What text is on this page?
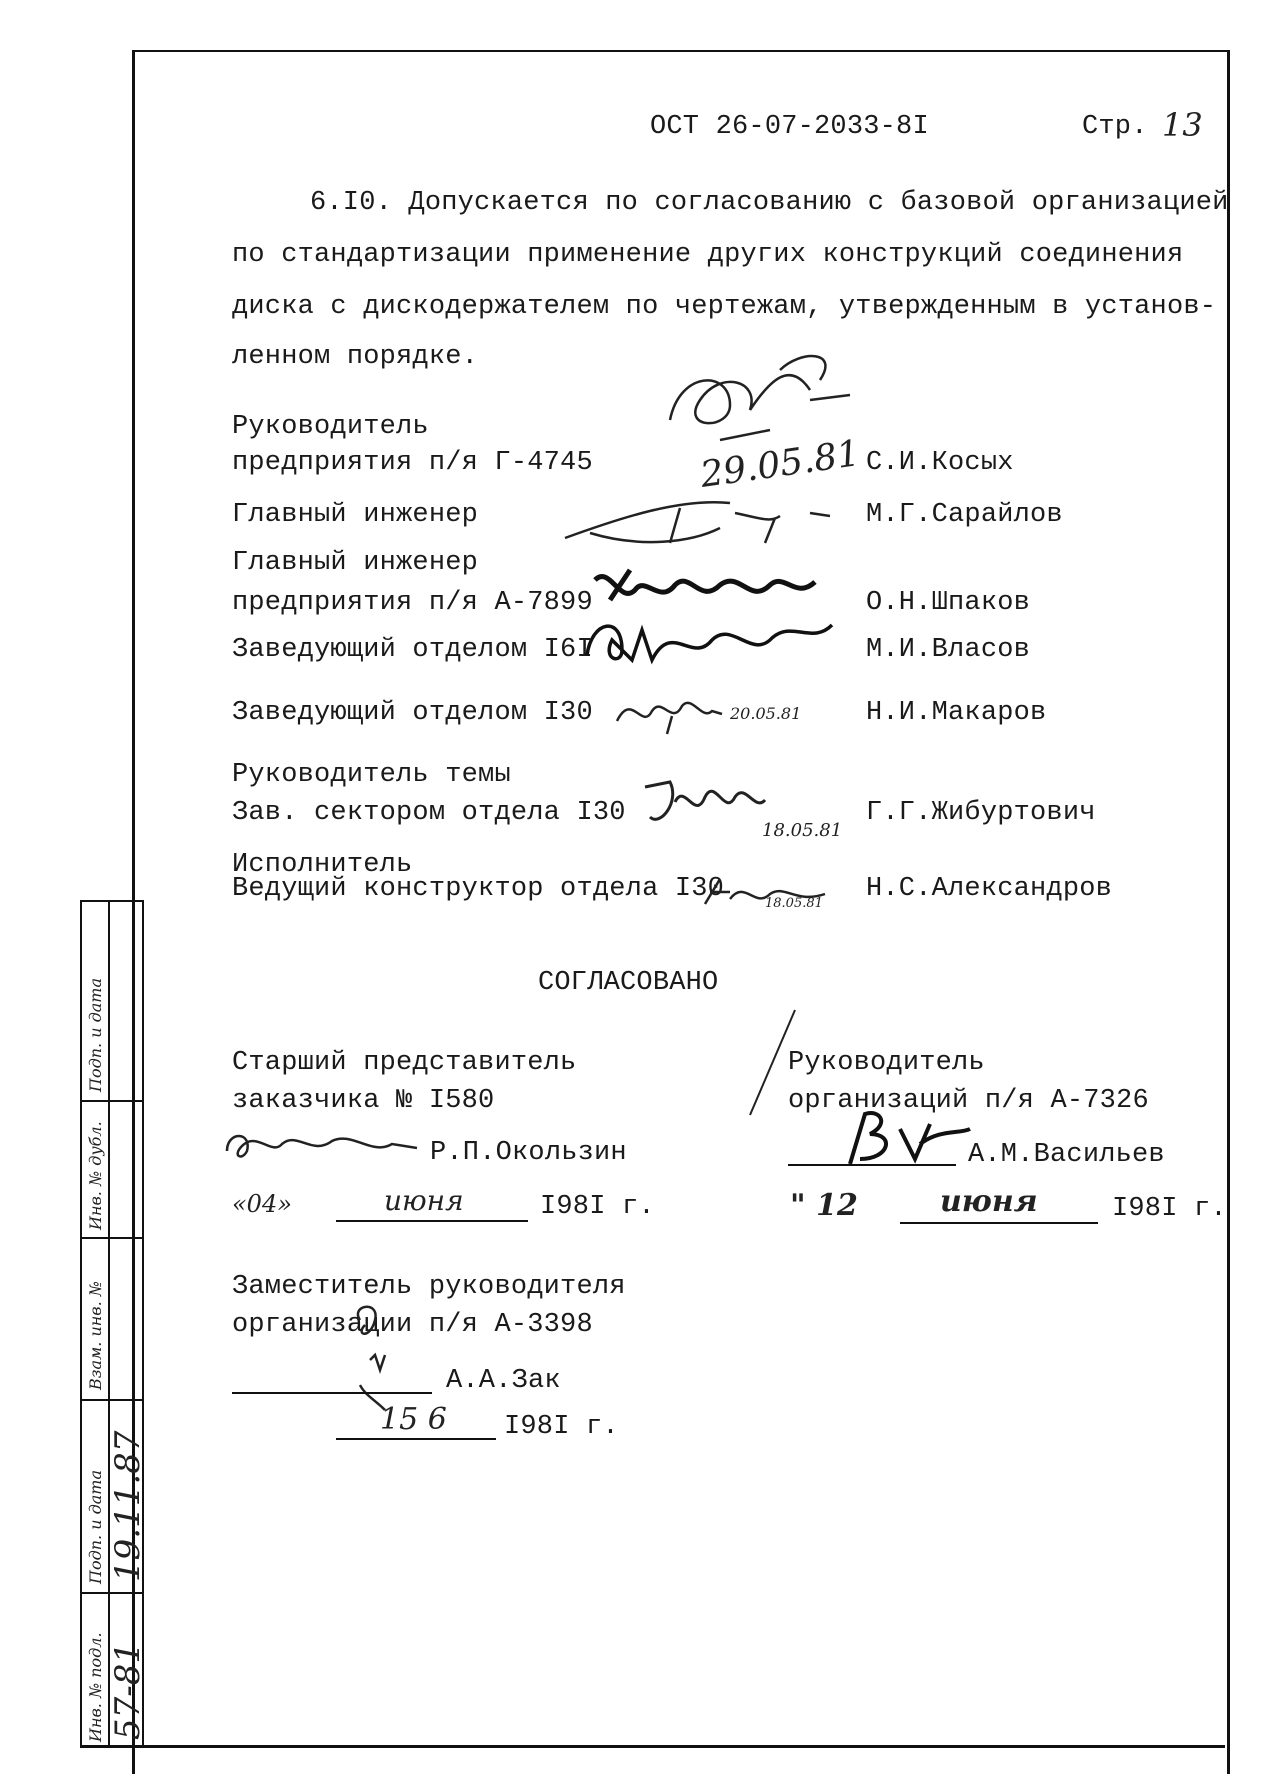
ОСТ 26-07-2033-8I	Стр. 13
6.I0. Допускается по согласованию с базовой организацией
по стандартизации применение других конструкций соединения
диска с дискодержателем по чертежам, утвержденным в установ-
ленном порядке.
Руководитель
предприятия п/я Г-4745	С.И.Косых
29.05.81
Главный инженер	М.Г.Сарайлов
Главный инженер
предприятия п/я А-7899	О.Н.Шпаков
Заведующий отделом I6I	М.И.Власов
Заведующий отделом I30	Н.И.Макаров
20.05.81
Руководитель темы
Зав. сектором отдела I30	Г.Г.Жибуртович
18.05.81
Исполнитель
Ведущий конструктор отдела I30	Н.С.Александров
18.05.81
СОГЛАСОВАНО
Старший представитель
заказчика № I580
Р.П.Окользин
«04»	июня	I98I г.
Руководитель
организаций п/я А-7326
А.М.Васильев
" 12	июня	I98I г.
Заместитель руководителя
организации п/я А-3398
А.А.Зак
15 6 I98I г.
Подп. и дата
Инв. № дубл.
Взам. инв. №
Подп. и дата
Инв. № подл.
19.11.87
57-81
